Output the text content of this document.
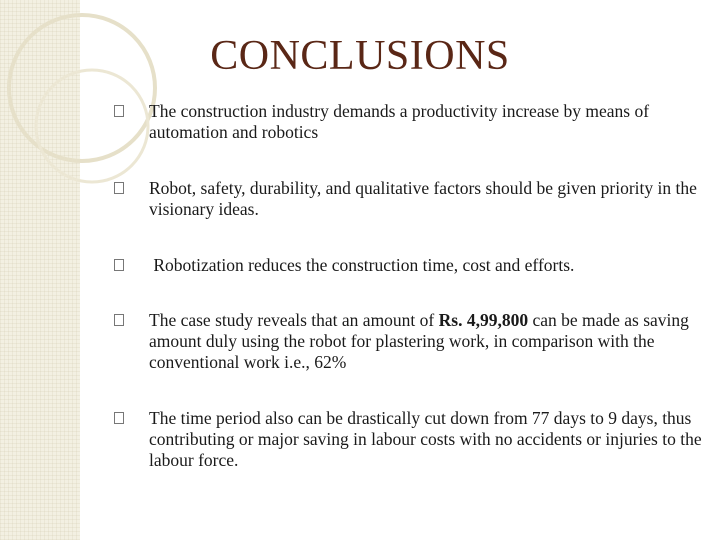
CONCLUSIONS
The construction industry demands a productivity increase by means of automation and robotics
Robot, safety, durability, and qualitative factors should be given priority in the visionary ideas.
Robotization reduces the construction time, cost and efforts.
The case study reveals that an amount of Rs. 4,99,800 can be made as saving amount duly using the robot for plastering work, in comparison with the conventional work i.e., 62%
The time period also can be drastically cut down from 77 days to 9 days, thus contributing or major saving in labour costs with no accidents or injuries to the labour force.
